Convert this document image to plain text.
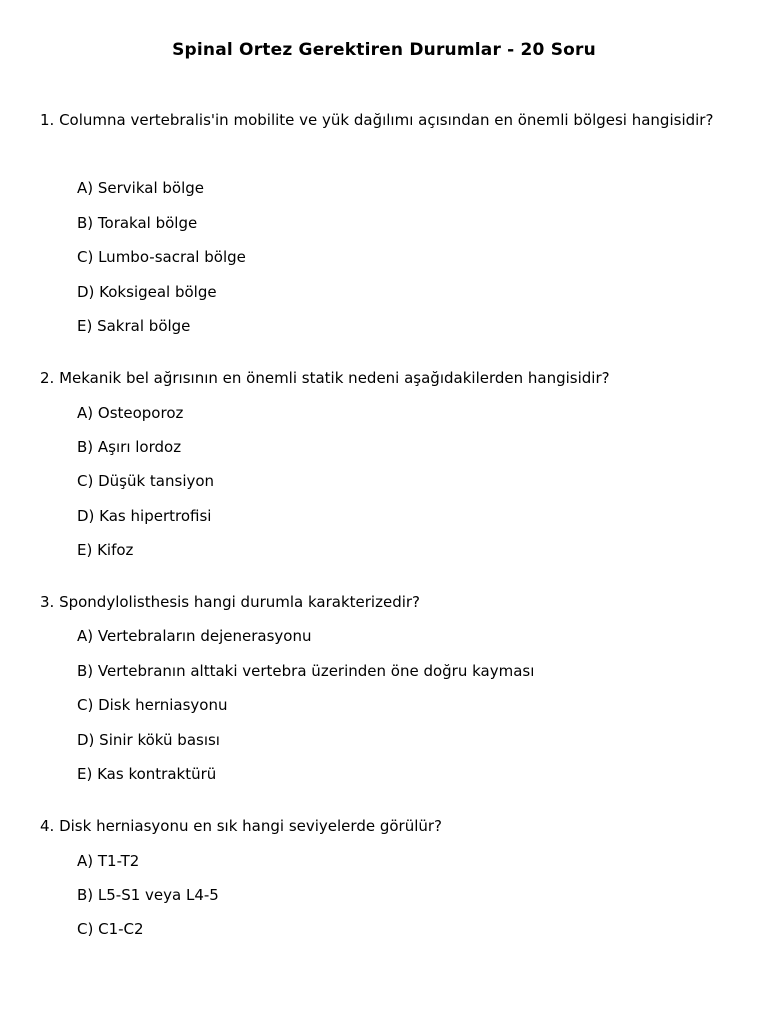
Spinal Ortez Gerektiren Durumlar - 20 Soru

1. Columna vertebralis'in mobilite ve yük dağılımı açısından en önemli bölgesi hangisidir?

A) Servikal bölge
B) Torakal bölge
C) Lumbo-sacral bölge
D) Koksigeal bölge
E) Sakral bölge
2. Mekanik bel ağrısının en önemli statik nedeni aşağıdakilerden hangisidir?
A) Osteoporoz
B) Aşırı lordoz
C) Düşük tansiyon
D) Kas hipertrofisi
E) Kifoz
3. Spondylolisthesis hangi durumla karakterizedir?
A) Vertebraların dejenerasyonu
B) Vertebranın alttaki vertebra üzerinden öne doğru kayması
C) Disk herniasyonu
D) Sinir kökü basısı
E) Kas kontraktürü
4. Disk herniasyonu en sık hangi seviyelerde görülür?
A) T1-T2
B) L5-S1 veya L4-5
C) C1-C2
